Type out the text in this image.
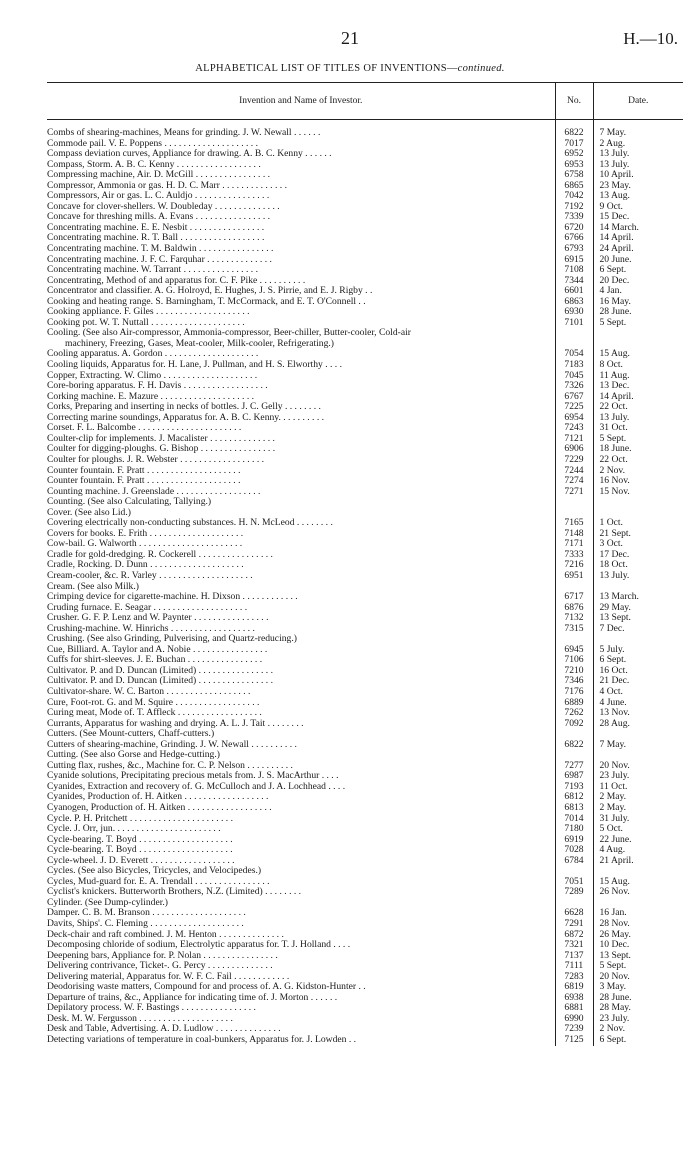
21	H.—10.
ALPHABETICAL LIST OF TITLES OF INVENTIONS—continued.
Invention and Name of Investor.	No.	Date.

Combs of shearing-machines, Means for grinding. J. W. Newall . . . . . .	6822	7 May.
Commode pail. V. E. Poppens . . . . . . . . . . . . . . . . . . . .	7017	2 Aug.
Compass deviation curves, Appliance for drawing. A. B. C. Kenny . . . . . .	6952	13 July.
Compass, Storm. A. B. C. Kenny . . . . . . . . . . . . . . . . . .	6953	13 July.
Compressing machine, Air. D. McGill . . . . . . . . . . . . . . . .	6758	10 April.
Compressor, Ammonia or gas. H. D. C. Marr . . . . . . . . . . . . . .	6865	23 May.
Compressors, Air or gas. L. C. Auldjo . . . . . . . . . . . . . . . .	7042	13 Aug.
Concave for clover-shellers. W. Doubleday . . . . . . . . . . . . . .	7192	9 Oct.
Concave for threshing mills. A. Evans . . . . . . . . . . . . . . . .	7339	15 Dec.
Concentrating machine. E. E. Nesbit . . . . . . . . . . . . . . . .	6720	14 March.
Concentrating machine. R. T. Ball . . . . . . . . . . . . . . . . . .	6766	14 April.
Concentrating machine. T. M. Baldwin . . . . . . . . . . . . . . . .	6793	24 April.
Concentrating machine. J. F. C. Farquhar . . . . . . . . . . . . . .	6915	20 June.
Concentrating machine. W. Tarrant . . . . . . . . . . . . . . . .	7108	6 Sept.
Concentrating, Method of and apparatus for. C. F. Pike . . . . . . . . . .	7344	20 Dec.
Concentrator and classifier. A. G. Holroyd, E. Hughes, J. S. Pirrie, and E. J. Rigby . .	6601	4 Jan.
Cooking and heating range. S. Barningham, T. McCormack, and E. T. O'Connell . .	6863	16 May.
Cooking appliance. F. Giles . . . . . . . . . . . . . . . . . . . .	6930	28 June.
Cooking pot. W. T. Nuttall . . . . . . . . . . . . . . . . . . . .	7101	5 Sept.

Cooling. (See also Air-compressor, Ammonia-compressor, Beer-chiller, Butter-cooler, Cold-air
machinery, Freezing, Gases, Meat-cooler, Milk-cooler, Refrigerating.)		

Cooling apparatus. A. Gordon . . . . . . . . . . . . . . . . . . . .	7054	15 Aug.
Cooling liquids, Apparatus for. H. Lane, J. Pullman, and H. S. Elworthy . . . .	7183	8 Oct.
Copper, Extracting. W. Climo . . . . . . . . . . . . . . . . . . . .	7045	11 Aug.
Core-boring apparatus. F. H. Davis . . . . . . . . . . . . . . . . . .	7326	13 Dec.
Corking machine. E. Mazure . . . . . . . . . . . . . . . . . . . .	6767	14 April.
Corks, Preparing and inserting in necks of bottles. J. C. Gelly . . . . . . . .	7225	22 Oct.
Correcting marine soundings, Apparatus for. A. B. C. Kenny. . . . . . . . . .	6954	13 July.
Corset. F. L. Balcombe . . . . . . . . . . . . . . . . . . . . . .	7243	31 Oct.
Coulter-clip for implements. J. Macalister . . . . . . . . . . . . . .	7121	5 Sept.
Coulter for digging-ploughs. G. Bishop . . . . . . . . . . . . . . . .	6906	18 June.
Coulter for ploughs. J. R. Webster . . . . . . . . . . . . . . . . . .	7229	22 Oct.
Counter fountain. F. Pratt . . . . . . . . . . . . . . . . . . . .	7244	2 Nov.
Counter fountain. F. Pratt . . . . . . . . . . . . . . . . . . . .	7274	16 Nov.
Counting machine. J. Greenslade . . . . . . . . . . . . . . . . . .	7271	15 Nov.
Counting. (See also Calculating, Tallying.)		
Cover. (See also Lid.)		
Covering electrically non-conducting substances. H. N. McLeod . . . . . . . .	7165	1 Oct.
Covers for books. E. Frith . . . . . . . . . . . . . . . . . . . .	7148	21 Sept.
Cow-bail. G. Walworth . . . . . . . . . . . . . . . . . . . . . .	7171	3 Oct.
Cradle for gold-dredging. R. Cockerell . . . . . . . . . . . . . . . .	7333	17 Dec.
Cradle, Rocking. D. Dunn . . . . . . . . . . . . . . . . . . . .	7216	18 Oct.
Cream-cooler, &c. R. Varley . . . . . . . . . . . . . . . . . . . .	6951	13 July.
Cream. (See also Milk.)		
Crimping device for cigarette-machine. H. Dixson . . . . . . . . . . . .	6717	13 March.
Cruding furnace. E. Seagar . . . . . . . . . . . . . . . . . . . .	6876	29 May.
Crusher. G. F. P. Lenz and W. Paynter . . . . . . . . . . . . . . . .	7132	13 Sept.
Crushing-machine. W. Hinrichs . . . . . . . . . . . . . . . . . .	7315	7 Dec.
Crushing. (See also Grinding, Pulverising, and Quartz-reducing.)		
Cue, Billiard. A. Taylor and A. Nobie . . . . . . . . . . . . . . . .	6945	5 July.
Cuffs for shirt-sleeves. J. E. Buchan . . . . . . . . . . . . . . . .	7106	6 Sept.
Cultivator. P. and D. Duncan (Limited) . . . . . . . . . . . . . . . .	7210	16 Oct.
Cultivator. P. and D. Duncan (Limited) . . . . . . . . . . . . . . . .	7346	21 Dec.
Cultivator-share. W. C. Barton . . . . . . . . . . . . . . . . . .	7176	4 Oct.
Cure, Foot-rot. G. and M. Squire . . . . . . . . . . . . . . . . . .	6889	4 June.
Curing meat, Mode of. T. Affleck . . . . . . . . . . . . . . . . . .	7262	13 Nov.
Currants, Apparatus for washing and drying. A. L. J. Tait . . . . . . . .	7092	28 Aug.
Cutters. (See Mount-cutters, Chaff-cutters.)		
Cutters of shearing-machine, Grinding. J. W. Newall . . . . . . . . . .	6822	7 May.
Cutting. (See also Gorse and Hedge-cutting.)		
Cutting flax, rushes, &c., Machine for. C. P. Nelson . . . . . . . . . .	7277	20 Nov.
Cyanide solutions, Precipitating precious metals from. J. S. MacArthur . . . .	6987	23 July.
Cyanides, Extraction and recovery of. G. McCulloch and J. A. Lochhead . . . .	7193	11 Oct.
Cyanides, Production of. H. Aitken . . . . . . . . . . . . . . . . . .	6812	2 May.
Cyanogen, Production of. H. Aitken . . . . . . . . . . . . . . . . . .	6813	2 May.
Cycle. P. H. Pritchett . . . . . . . . . . . . . . . . . . . . . .	7014	31 July.
Cycle. J. Orr, jun. . . . . . . . . . . . . . . . . . . . . . .	7180	5 Oct.
Cycle-bearing. T. Boyd . . . . . . . . . . . . . . . . . . . .	6919	22 June.
Cycle-bearing. T. Boyd . . . . . . . . . . . . . . . . . . . .	7028	4 Aug.
Cycle-wheel. J. D. Everett . . . . . . . . . . . . . . . . . .	6784	21 April.
Cycles. (See also Bicycles, Tricycles, and Velocipedes.)		
Cycles, Mud-guard for. E. A. Trendall . . . . . . . . . . . . . . . .	7051	15 Aug.
Cyclist's knickers. Butterworth Brothers, N.Z. (Limited) . . . . . . . .	7289	26 Nov.
Cylinder. (See Dump-cylinder.)		
Damper. C. B. M. Branson . . . . . . . . . . . . . . . . . . . .	6628	16 Jan.
Davits, Ships'. C. Fleming . . . . . . . . . . . . . . . . . . . .	7291	28 Nov.
Deck-chair and raft combined. J. M. Henton . . . . . . . . . . . . . .	6872	26 May.
Decomposing chloride of sodium, Electrolytic apparatus for. T. J. Holland . . . .	7321	10 Dec.
Deepening bars, Appliance for. P. Nolan . . . . . . . . . . . . . . . .	7137	13 Sept.
Delivering contrivance, Ticket-. G. Percy . . . . . . . . . . . . . .	7111	5 Sept.
Delivering material, Apparatus for. W. F. C. Fail . . . . . . . . . . . .	7283	20 Nov.
Deodorising waste matters, Compound for and process of. A. G. Kidston-Hunter . .	6819	3 May.
Departure of trains, &c., Appliance for indicating time of. J. Morton . . . . . .	6938	28 June.
Depilatory process. W. F. Bastings . . . . . . . . . . . . . . . .	6881	28 May.
Desk. M. W. Fergusson . . . . . . . . . . . . . . . . . . . .	6990	23 July.
Desk and Table, Advertising. A. D. Ludlow . . . . . . . . . . . . . .	7239	2 Nov.
Detecting variations of temperature in coal-bunkers, Apparatus for. J. Lowden . .	7125	6 Sept.
